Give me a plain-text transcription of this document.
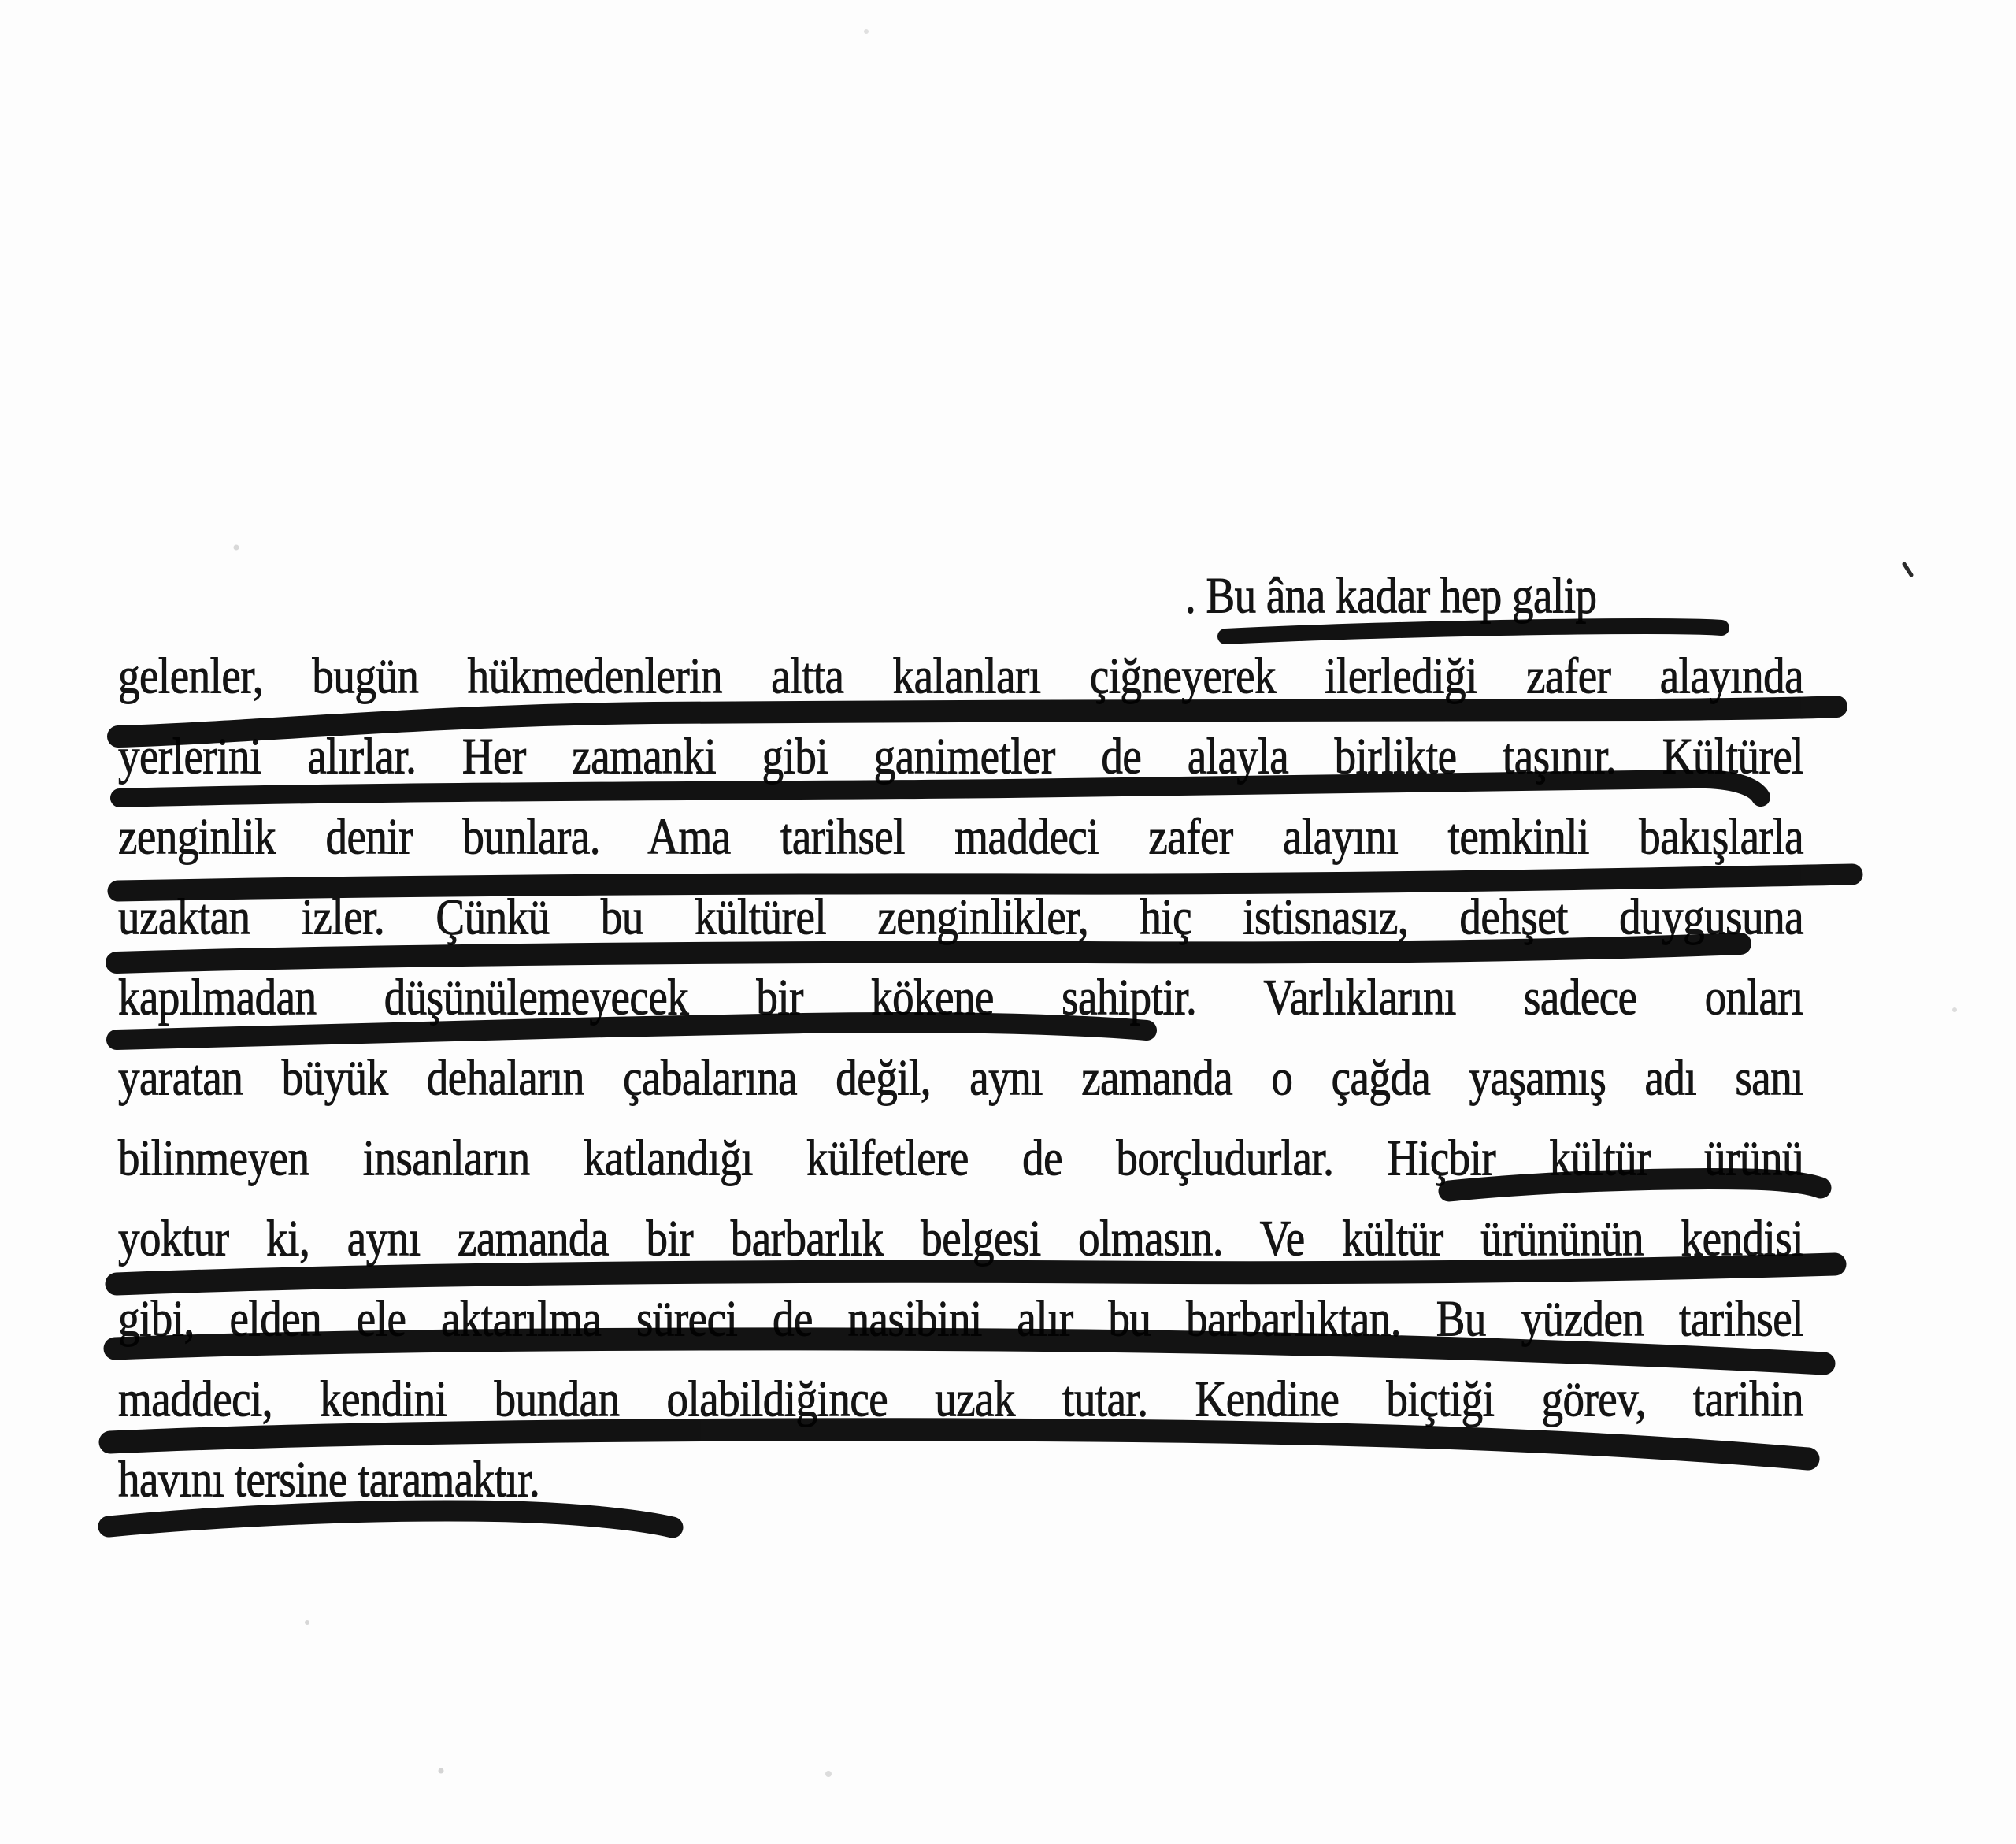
. Bu âna kadar hep galip
gelenler, bugün hükmedenlerin altta kalanları çiğneyerek ilerlediği zafer alayında
yerlerini alırlar. Her zamanki gibi ganimetler de alayla birlikte taşınır. Kültürel
zenginlik denir bunlara. Ama tarihsel maddeci zafer alayını temkinli bakışlarla
uzaktan izler. Çünkü bu kültürel zenginlikler, hiç istisnasız, dehşet duygusuna
kapılmadan düşünülemeyecek bir kökene sahiptir. Varlıklarını sadece onları
yaratan büyük dehaların çabalarına değil, aynı zamanda o çağda yaşamış adı sanı
bilinmeyen insanların katlandığı külfetlere de borçludurlar. Hiçbir kültür ürünü
yoktur ki, aynı zamanda bir barbarlık belgesi olmasın. Ve kültür ürününün kendisi
gibi, elden ele aktarılma süreci de nasibini alır bu barbarlıktan. Bu yüzden tarihsel
maddeci, kendini bundan olabildiğince uzak tutar. Kendine biçtiği görev, tarihin
havını tersine taramaktır.
